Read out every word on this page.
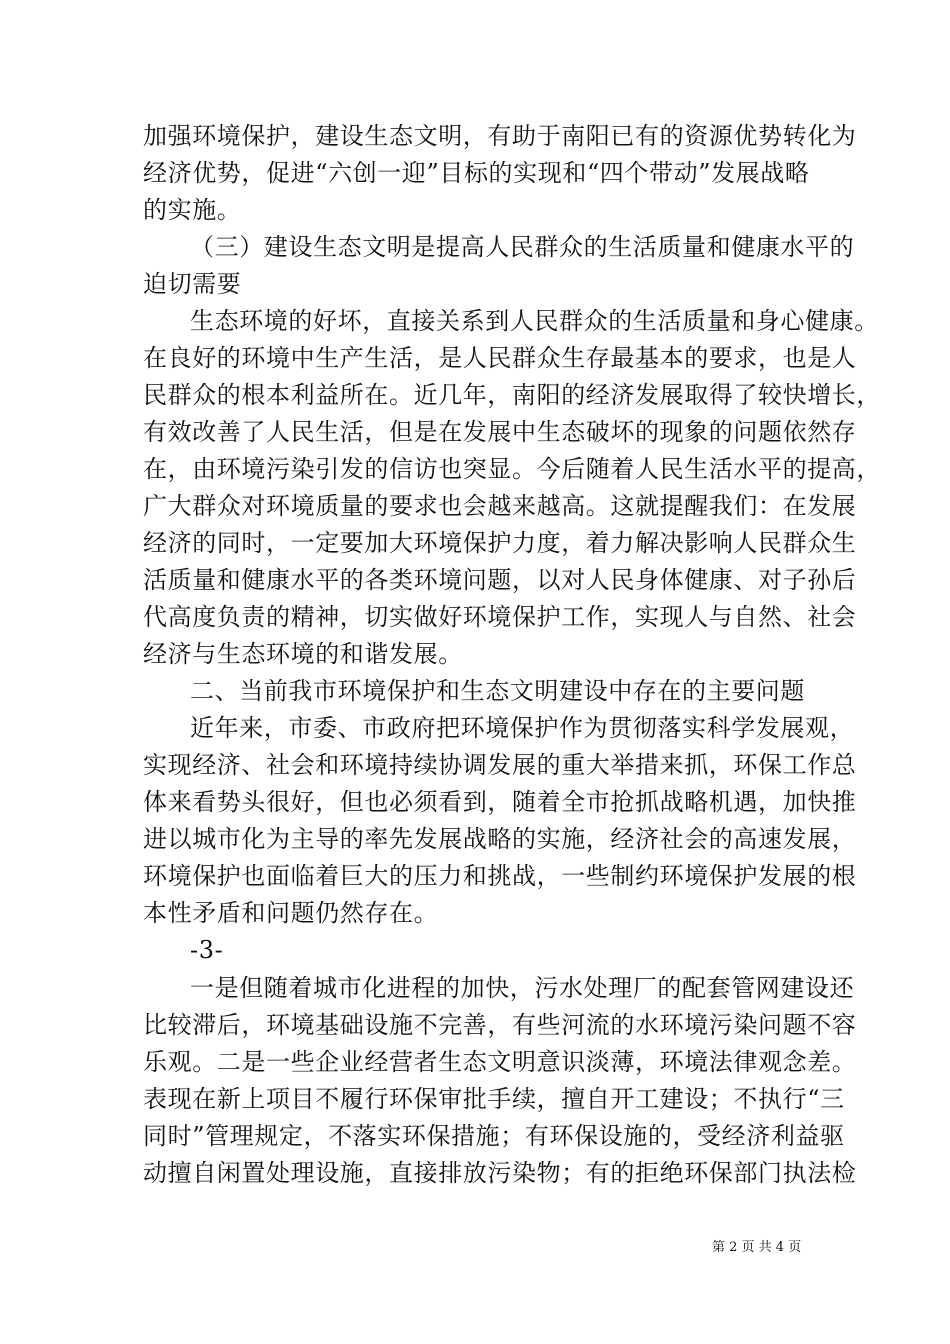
加强环境保护，建设生态文明，有助于南阳已有的资源优势转化为
经济优势，促进“六创一迎”目标的实现和“四个带动”发展战略
的实施。
（三）建设生态文明是提高人民群众的生活质量和健康水平的
迫切需要
生态环境的好坏，直接关系到人民群众的生活质量和身心健康。
在良好的环境中生产生活，是人民群众生存最基本的要求，也是人
民群众的根本利益所在。近几年，南阳的经济发展取得了较快增长，
有效改善了人民生活，但是在发展中生态破坏的现象的问题依然存
在，由环境污染引发的信访也突显。今后随着人民生活水平的提高，
广大群众对环境质量的要求也会越来越高。这就提醒我们：在发展
经济的同时，一定要加大环境保护力度，着力解决影响人民群众生
活质量和健康水平的各类环境问题，以对人民身体健康、对子孙后
代高度负责的精神，切实做好环境保护工作，实现人与自然、社会
经济与生态环境的和谐发展。
二、当前我市环境保护和生态文明建设中存在的主要问题
近年来，市委、市政府把环境保护作为贯彻落实科学发展观，
实现经济、社会和环境持续协调发展的重大举措来抓，环保工作总
体来看势头很好，但也必须看到，随着全市抢抓战略机遇，加快推
进以城市化为主导的率先发展战略的实施，经济社会的高速发展，
环境保护也面临着巨大的压力和挑战，一些制约环境保护发展的根
本性矛盾和问题仍然存在。
-3-
一是但随着城市化进程的加快，污水处理厂的配套管网建设还
比较滞后，环境基础设施不完善，有些河流的水环境污染问题不容
乐观。二是一些企业经营者生态文明意识淡薄，环境法律观念差。
表现在新上项目不履行环保审批手续，擅自开工建设；不执行“三
同时”管理规定，不落实环保措施；有环保设施的，受经济利益驱
动擅自闲置处理设施，直接排放污染物；有的拒绝环保部门执法检
第 2 页 共 4 页
